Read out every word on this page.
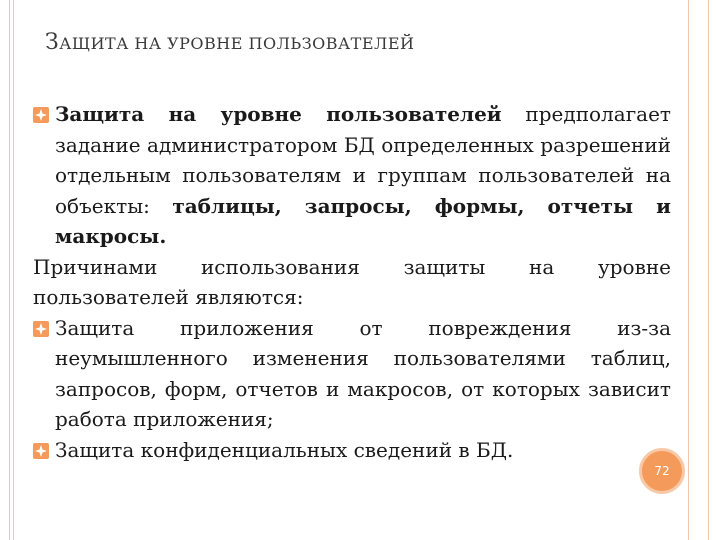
ЗАЩИТА НА УРОВНЕ ПОЛЬЗОВАТЕЛЕЙ

Защита на уровне пользователей предполагает задание администратором БД определенных разрешений отдельным пользователям и группам пользователей на объекты: таблицы, запросы, формы, отчеты и макросы.

Причинами использования защиты на уровне пользователей являются:

Защита приложения от повреждения из-за неумышленного изменения пользователями таблиц, запросов, форм, отчетов и макросов, от которых зависит работа приложения;

Защита конфиденциальных сведений в БД.

72
